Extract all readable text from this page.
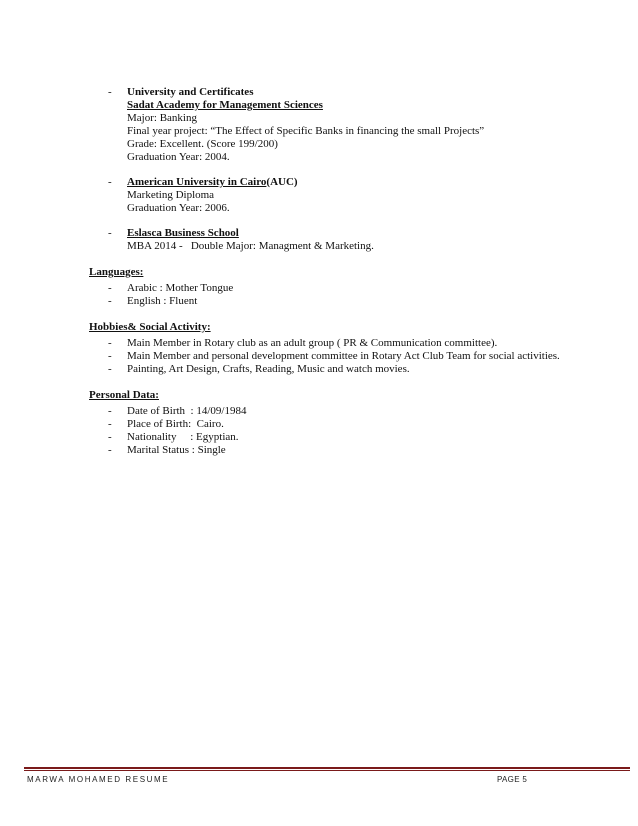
- University and Certificates
Sadat Academy for Management Sciences
Major: Banking
Final year project: “The Effect of Specific Banks in financing the small Projects”
Grade: Excellent. (Score 199/200)
Graduation Year: 2004.
- American University in Cairo(AUC)
Marketing Diploma
Graduation Year: 2006.
- Eslasca Business School
MBA 2014 -   Double Major: Managment & Marketing.
Languages:
- Arabic : Mother Tongue
- English : Fluent
Hobbies& Social Activity:
- Main Member in Rotary club as an adult group ( PR & Communication committee).
- Main Member and personal development committee in Rotary Act Club Team for social activities.
- Painting, Art Design, Crafts, Reading, Music and watch movies.
Personal Data:
- Date of Birth  : 14/09/1984
- Place of Birth:  Cairo.
- Nationality     : Egyptian.
- Marital Status : Single
MARWA MOHAMED RESUME	PAGE 5
